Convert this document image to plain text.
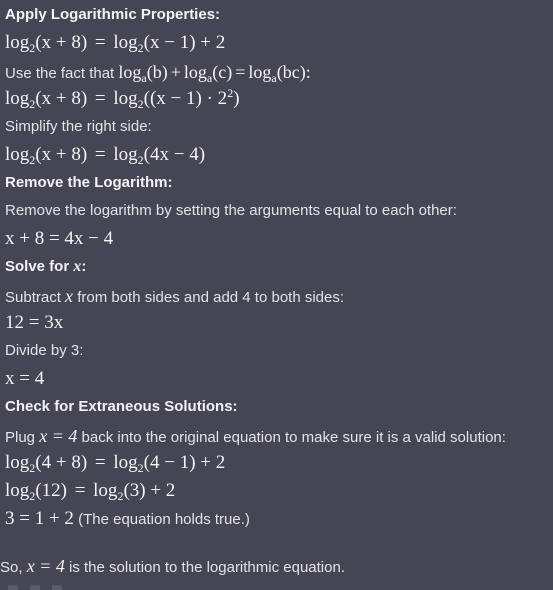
Apply Logarithmic Properties:
$\log_2(x + 8) = \log_2(x - 1) + 2$
Use the fact that $\log_a(b) + \log_a(c) = \log_a(bc)$:
$\log_2(x + 8) = \log_2((x - 1) \cdot 2^2)$
Simplify the right side:
$\log_2(x + 8) = \log_2(4x - 4)$
Remove the Logarithm:
Remove the logarithm by setting the arguments equal to each other:
x + 8 = 4x − 4
Solve for x:
Subtract x from both sides and add 4 to both sides:
12 = 3x
Divide by 3:
x = 4
Check for Extraneous Solutions:
Plug x = 4 back into the original equation to make sure it is a valid solution:
$\log_2(4 + 8) = \log_2(4 - 1) + 2$
$\log_2(12) = \log_2(3) + 2$
3 = 1 + 2 (The equation holds true.)
So, x = 4 is the solution to the logarithmic equation.
